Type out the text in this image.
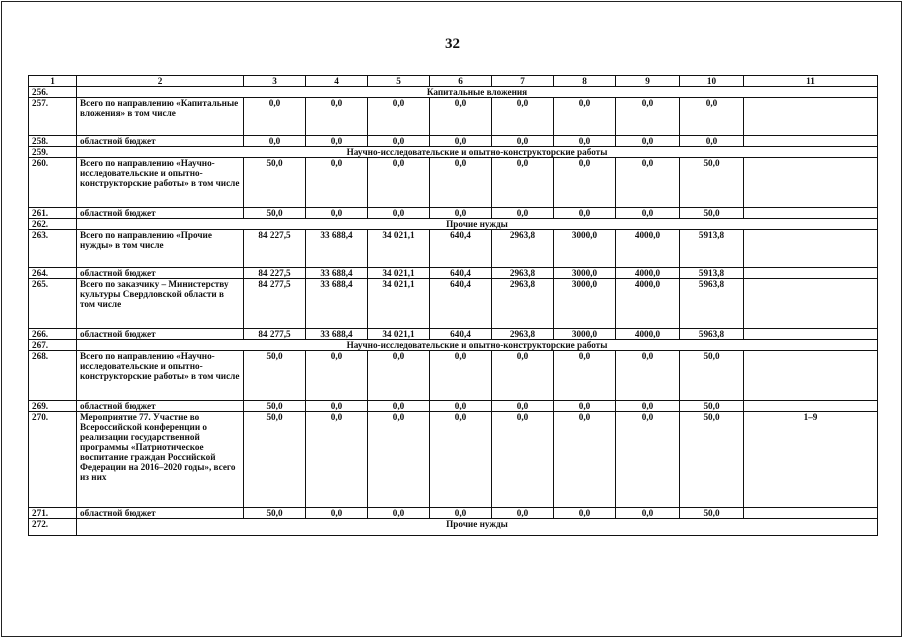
32
1	2	3	4	5	6	7	8	9	10	11
256.	Капитальные вложения									
257.	Всего по направлению «Капитальные вложения» в том числе	0,0	0,0	0,0	0,0	0,0	0,0	0,0	0,0	
258.	областной бюджет	0,0	0,0	0,0	0,0	0,0	0,0	0,0	0,0	
259.	Научно-исследовательские и опытно-конструкторские работы									
260.	Всего по направлению «Научно-исследовательские и опытно-конструкторские работы» в том числе	50,0	0,0	0,0	0,0	0,0	0,0	0,0	50,0	
261.	областной бюджет	50,0	0,0	0,0	0,0	0,0	0,0	0,0	50,0	
262.	Прочие нужды									
263.	Всего по направлению «Прочие нужды» в том числе	84 227,5	33 688,4	34 021,1	640,4	2963,8	3000,0	4000,0	5913,8	
264.	областной бюджет	84 227,5	33 688,4	34 021,1	640,4	2963,8	3000,0	4000,0	5913,8	
265.	Всего по заказчику – Министерству культуры Свердловской области в том числе	84 277,5	33 688,4	34 021,1	640,4	2963,8	3000,0	4000,0	5963,8	
266.	областной бюджет	84 277,5	33 688,4	34 021,1	640,4	2963,8	3000,0	4000,0	5963,8	
267.	Научно-исследовательские и опытно-конструкторские работы									
268.	Всего по направлению «Научно-исследовательские и опытно-конструкторские работы» в том числе	50,0	0,0	0,0	0,0	0,0	0,0	0,0	50,0	
269.	областной бюджет	50,0	0,0	0,0	0,0	0,0	0,0	0,0	50,0	
270.	Мероприятие 77. Участие во Всероссийской конференции о реализации государственной программы «Патриотическое воспитание граждан Российской Федерации на 2016–2020 годы», всего из них	50,0	0,0	0,0	0,0	0,0	0,0	0,0	50,0	1–9
271.	областной бюджет	50,0	0,0	0,0	0,0	0,0	0,0	0,0	50,0	
272.	Прочие нужды									
